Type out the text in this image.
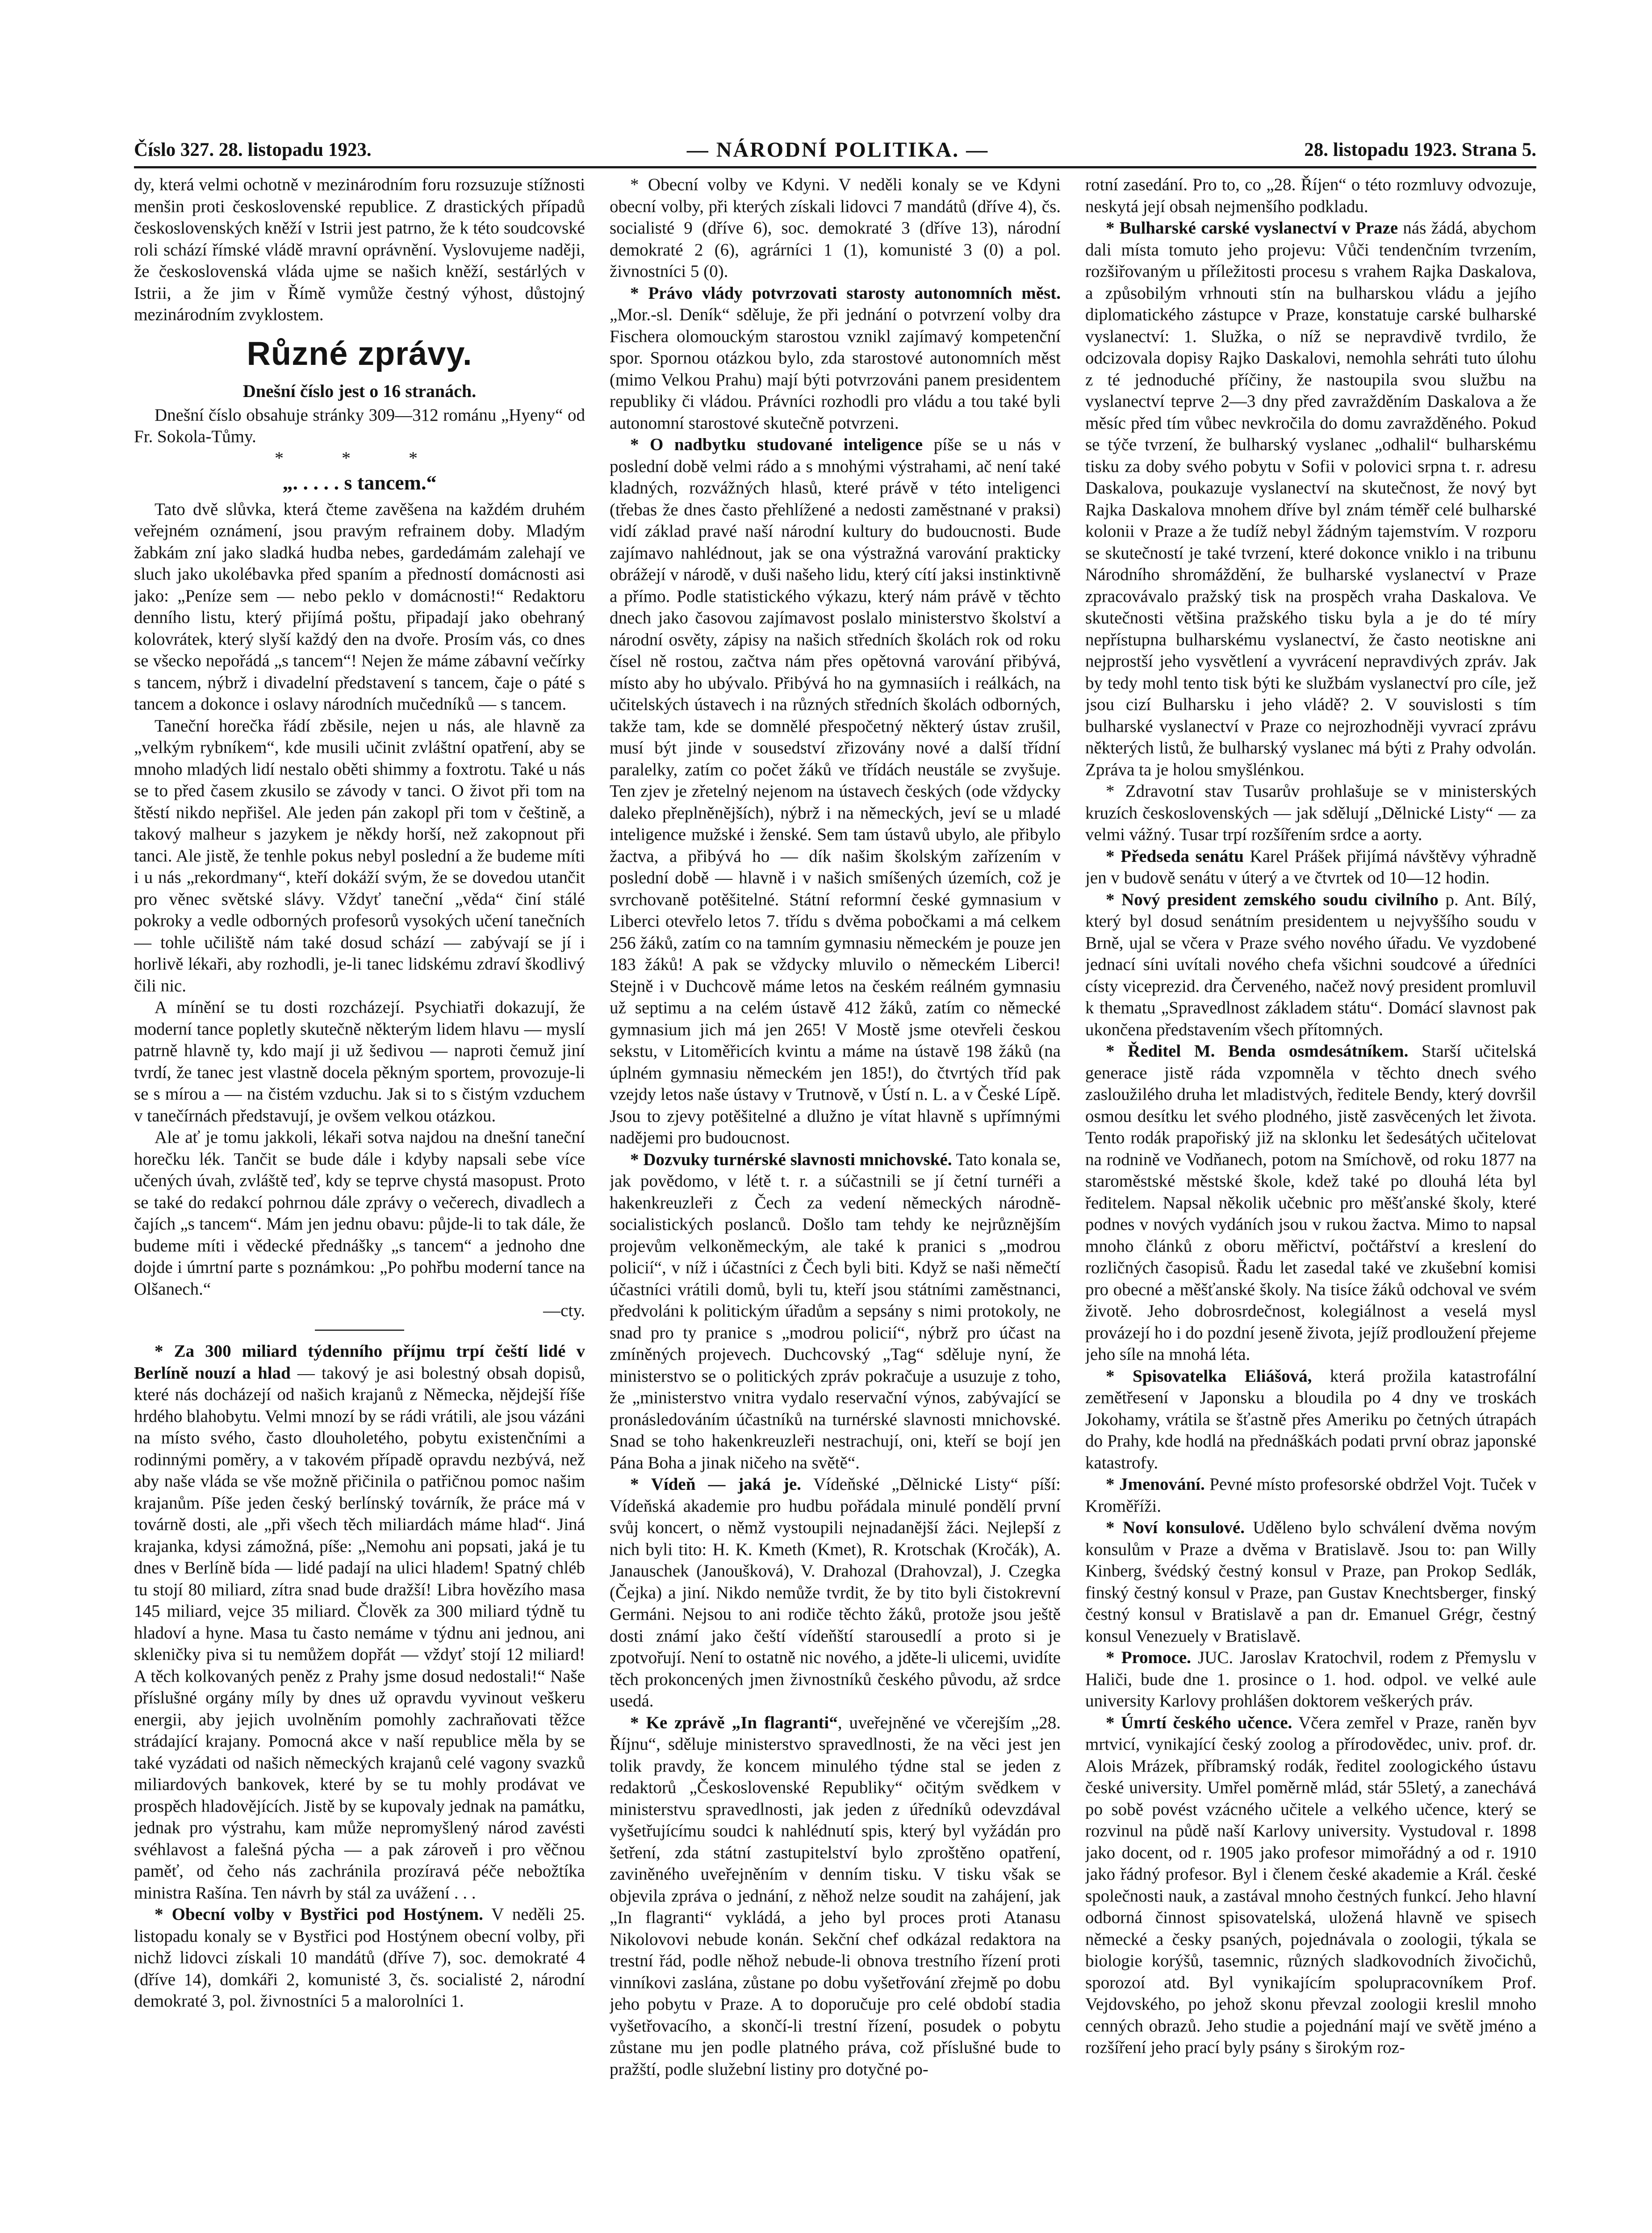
Číslo 327. 28. listopadu 1923.	— NÁRODNÍ POLITIKA. —	28. listopadu 1923. Strana 5.

dy, která velmi ochotně v mezinárodním foru rozsuzuje stížnosti menšin proti československé republice. Z drastických případů československých kněží v Istrii jest patrno, že k této soudcovské roli schází římské vládě mravní oprávnění. Vyslovujeme naději, že československá vláda ujme se našich kněží, sestárlých v Istrii, a že jim v Římě vymůže čestný výhost, důstojný mezinárodním zvyklostem.

Různé zprávy.
Dnešní číslo jest o 16 stranách.

Dnešní číslo obsahuje stránky 309—312 románu „Hyeny“ od Fr. Sokola-Tůmy.

* * *
„. . . . . s tancem.“

Tato dvě slůvka, která čteme zavěšena na každém druhém veřejném oznámení, jsou pravým refrainem doby. Mladým žabkám zní jako sladká hudba nebes, gardedámám zalehají ve sluch jako ukolébavka před spaním a předností domácnosti asi jako: „Peníze sem — nebo peklo v domácnosti!“ Redaktoru denního listu, který přijímá poštu, připadají jako obehraný kolovrátek, který slyší každý den na dvoře. Prosím vás, co dnes se všecko nepořádá „s tancem“! Nejen že máme zábavní večírky s tancem, nýbrž i divadelní představení s tancem, čaje o páté s tancem a dokonce i oslavy národních mučedníků — s tancem.

Taneční horečka řádí zběsile, nejen u nás, ale hlavně za „velkým rybníkem“, kde musili učinit zvláštní opatření, aby se mnoho mladých lidí nestalo oběti shimmy a foxtrotu. Také u nás se to před časem zkusilo se závody v tanci. O život při tom na štěstí nikdo nepřišel. Ale jeden pán zakopl při tom v češtině, a takový malheur s jazykem je někdy horší, než zakopnout při tanci. Ale jistě, že tenhle pokus nebyl poslední a že budeme míti i u nás „rekordmany“, kteří dokáží svým, že se dovedou utančit pro věnec světské slávy. Vždyť taneční „věda“ činí stálé pokroky a vedle odborných profesorů vysokých učení tanečních — tohle učiliště nám také dosud schází — zabývají se jí i horlivě lékaři, aby rozhodli, je-li tanec lidskému zdraví škodlivý čili nic.

A mínění se tu dosti rozcházejí. Psychiatři dokazují, že moderní tance popletly skutečně některým lidem hlavu — myslí patrně hlavně ty, kdo mají ji už šedivou — naproti čemuž jiní tvrdí, že tanec jest vlastně docela pěkným sportem, provozuje-li se s mírou a — na čistém vzduchu. Jak si to s čistým vzduchem v tanečírnách představují, je ovšem velkou otázkou.

Ale ať je tomu jakkoli, lékaři sotva najdou na dnešní taneční horečku lék. Tančit se bude dále i kdyby napsali sebe více učených úvah, zvláště teď, kdy se teprve chystá masopust. Proto se také do redakcí pohrnou dále zprávy o večerech, divadlech a čajích „s tancem“. Mám jen jednu obavu: půjde-li to tak dále, že budeme míti i vědecké přednášky „s tancem“ a jednoho dne dojde i úmrtní parte s poznámkou: „Po pohřbu moderní tance na Olšanech.“

—cty.

* Za 300 miliard týdenního příjmu trpí čeští lidé v Berlíně nouzí a hlad — takový je asi bolestný obsah dopisů, které nás docházejí od našich krajanů z Německa, nějdejší říše hrdého blahobytu. Velmi mnozí by se rádi vrátili, ale jsou vázáni na místo svého, často dlouholetého, pobytu existenčními a rodinnými poměry, a v takovém případě opravdu nezbývá, než aby naše vláda se vše možně přičinila o patřičnou pomoc našim krajanům. Píše jeden český berlínský továrník, že práce má v továrně dosti, ale „při všech těch miliardách máme hlad“. Jiná krajanka, kdysi zámožná, píše: „Nemohu ani popsati, jaká je tu dnes v Berlíně bída — lidé padají na ulici hladem! Spatný chléb tu stojí 80 miliard, zítra snad bude dražší! Libra hovězího masa 145 miliard, vejce 35 miliard. Člověk za 300 miliard týdně tu hladoví a hyne. Masa tu často nemáme v týdnu ani jednou, ani skleničky piva si tu nemůžem dopřát — vždyť stojí 12 miliard! A těch kolkovaných peněz z Prahy jsme dosud nedostali!“ Naše příslušné orgány míly by dnes už opravdu vyvinout veškeru energii, aby jejich uvolněním pomohly zachraňovati těžce strádající krajany. Pomocná akce v naší republice měla by se také vyzádati od našich německých krajanů celé vagony svazků miliardových bankovek, které by se tu mohly prodávat ve prospěch hladovějících. Jistě by se kupovaly jednak na památku, jednak pro výstrahu, kam může nepromyšlený národ zavésti svéhlavost a falešná pýcha — a pak zároveň i pro věčnou paměť, od čeho nás zachránila prozíravá péče nebožtíka ministra Rašína. Ten návrh by stál za uvážení . . .

* Obecní volby v Bystřici pod Hostýnem. V neděli 25. listopadu konaly se v Bystřici pod Hostýnem obecní volby, při nichž lidovci získali 10 mandátů (dříve 7), soc. demokraté 4 (dříve 14), domkáři 2, komunisté 3, čs. socialisté 2, národní demokraté 3, pol. živnostníci 5 a malorolníci 1.

* Obecní volby ve Kdyni. V neděli konaly se ve Kdyni obecní volby, při kterých získali lidovci 7 mandátů (dříve 4), čs. socialisté 9 (dříve 6), soc. demokraté 3 (dříve 13), národní demokraté 2 (6), agrárníci 1 (1), komunisté 3 (0) a pol. živnostníci 5 (0).

* Právo vlády potvrzovati starosty autonomních měst. „Mor.-sl. Deník“ sděluje, že při jednání o potvrzení volby dra Fischera olomouckým starostou vznikl zajímavý kompetenční spor. Spornou otázkou bylo, zda starostové autonomních měst (mimo Velkou Prahu) mají býti potvrzováni panem presidentem republiky či vládou. Právníci rozhodli pro vládu a tou také byli autonomní starostové skutečně potvrzeni.

* O nadbytku studované inteligence píše se u nás v poslední době velmi rádo a s mnohými výstrahami, ač není také kladných, rozvážných hlasů, které právě v této inteligenci (třebas že dnes často přehlížené a nedosti zaměstnané v praksi) vidí základ pravé naší národní kultury do budoucnosti. Bude zajímavo nahlédnout, jak se ona výstražná varování prakticky obrážejí v národě, v duši našeho lidu, který cítí jaksi instinktivně a přímo. Podle statistického výkazu, který nám právě v těchto dnech jako časovou zajímavost poslalo ministerstvo školství a národní osvěty, zápisy na našich středních školách rok od roku čísel ně rostou, začtva nám přes opětovná varování přibývá, místo aby ho ubývalo. Přibývá ho na gymnasiích i reálkách, na učitelských ústavech i na různých středních školách odborných, takže tam, kde se domnělé přespočetný některý ústav zrušil, musí být jinde v sousedství zřizovány nové a další třídní paralelky, zatím co počet žáků ve třídách neustále se zvyšuje. Ten zjev je zřetelný nejenom na ústavech českých (ode vždycky daleko přeplněnějších), nýbrž i na německých, jeví se u mladé inteligence mužské i ženské. Sem tam ústavů ubylo, ale přibylo žactva, a přibývá ho — dík našim školským zařízením v poslední době — hlavně i v našich smíšených územích, což je svrchovaně potěšitelné. Státní reformní české gymnasium v Liberci otevřelo letos 7. třídu s dvěma pobočkami a má celkem 256 žáků, zatím co na tamním gymnasiu německém je pouze jen 183 žáků! A pak se vždycky mluvilo o německém Liberci! Stejně i v Duchcově máme letos na českém reálném gymnasiu už septimu a na celém ústavě 412 žáků, zatím co německé gymnasium jich má jen 265! V Mostě jsme otevřeli českou sekstu, v Litoměřicích kvintu a máme na ústavě 198 žáků (na úplném gymnasiu německém jen 185!), do čtvrtých tříd pak vzejdy letos naše ústavy v Trutnově, v Ústí n. L. a v České Lípě. Jsou to zjevy potěšitelné a dlužno je vítat hlavně s upřímnými nadějemi pro budoucnost.

* Dozvuky turnérské slavnosti mnichovské. Tato konala se, jak povědomo, v létě t. r. a súčastnili se jí četní turnéři a hakenkreuzleři z Čech za vedení německých národně-socialistických poslanců. Došlo tam tehdy ke nejrůznějším projevům velkoněmeckým, ale také k pranici s „modrou policií“, v níž i účastníci z Čech byli biti. Když se naši němečtí účastníci vrátili domů, byli tu, kteří jsou státními zaměstnanci, předvoláni k politickým úřadům a sepsány s nimi protokoly, ne snad pro ty pranice s „modrou policií“, nýbrž pro účast na zmíněných projevech. Duchcovský „Tag“ sděluje nyní, že ministerstvo se o politických zpráv pokračuje a usuzuje z toho, že „ministerstvo vnitra vydalo reservační výnos, zabývající se pronásledováním účastníků na turnérské slavnosti mnichovské. Snad se toho hakenkreuzleři nestrachují, oni, kteří se bojí jen Pána Boha a jinak ničeho na světě“.

* Vídeň — jaká je. Vídeňské „Dělnické Listy“ píší: Vídeňská akademie pro hudbu pořádala minulé pondělí první svůj koncert, o němž vystoupili nejnadanější žáci. Nejlepší z nich byli tito: H. K. Kmeth (Kmet), R. Krotschak (Kročák), A. Janauschek (Janoušková), V. Drahozal (Drahovzal), J. Czegka (Čejka) a jiní. Nikdo nemůže tvrdit, že by tito byli čistokrevní Germáni. Nejsou to ani rodiče těchto žáků, protože jsou ještě dosti známí jako čeští vídeňští starousedlí a proto si je zpotvořují. Není to ostatně nic nového, a jděte-li ulicemi, uvidíte těch prokoncených jmen živnostníků českého původu, až srdce usedá.

* Ke zprávě „In flagranti“, uveřejněné ve včerejším „28. Říjnu“, sděluje ministerstvo spravedlnosti, že na věci jest jen tolik pravdy, že koncem minulého týdne stal se jeden z redaktorů „Československé Republiky“ očitým svědkem v ministerstvu spravedlnosti, jak jeden z úředníků odevzdával vyšetřujícímu soudci k nahlédnutí spis, který byl vyžádán pro šetření, zda státní zastupitelství bylo zproštěno opatření, zaviněného uveřejněním v denním tisku. V tisku však se objevila zpráva o jednání, z něhož nelze soudit na zahájení, jak „In flagranti“ vykládá, a jeho byl proces proti Atanasu Nikolovovi nebude konán. Sekční chef odkázal redaktora na trestní řád, podle něhož nebude-li obnova trestního řízení proti vinníkovi zaslána, zůstane po dobu vyšetřování zřejmě po dobu jeho pobytu v Praze. A to doporučuje pro celé období stadia vyšetřovacího, a skončí-li trestní řízení, posudek o pobytu zůstane mu jen podle platného práva, což příslušné bude to pražští, podle služební listiny pro dotyčné po-

rotní zasedání. Pro to, co „28. Říjen“ o této rozmluvy odvozuje, neskytá její obsah nejmenšího podkladu.

* Bulharské carské vyslanectví v Praze nás žádá, abychom dali místa tomuto jeho projevu: Vůči tendenčním tvrzením, rozšiřovaným u příležitosti procesu s vrahem Rajka Daskalova, a způsobilým vrhnouti stín na bulharskou vládu a jejího diplomatického zástupce v Praze, konstatuje carské bulharské vyslanectví: 1. Služka, o níž se nepravdivě tvrdilo, že odcizovala dopisy Rajko Daskalovi, nemohla sehráti tuto úlohu z té jednoduché příčiny, že nastoupila svou službu na vyslanectví teprve 2—3 dny před zavražděním Daskalova a že měsíc před tím vůbec nevkročila do domu zavražděného. Pokud se týče tvrzení, že bulharský vyslanec „odhalil“ bulharskému tisku za doby svého pobytu v Sofii v polovici srpna t. r. adresu Daskalova, poukazuje vyslanectví na skutečnost, že nový byt Rajka Daskalova mnohem dříve byl znám téměř celé bulharské kolonii v Praze a že tudíž nebyl žádným tajemstvím. V rozporu se skutečností je také tvrzení, které dokonce vniklo i na tribunu Národního shromáždění, že bulharské vyslanectví v Praze zpracovávalo pražský tisk na prospěch vraha Daskalova. Ve skutečnosti většina pražského tisku byla a je do té míry nepřístupna bulharskému vyslanectví, že často neotiskne ani nejprostší jeho vysvětlení a vyvrácení nepravdivých zpráv. Jak by tedy mohl tento tisk býti ke službám vyslanectví pro cíle, jež jsou cizí Bulharsku i jeho vládě? 2. V souvislosti s tím bulharské vyslanectví v Praze co nejrozhodněji vyvrací zprávu některých listů, že bulharský vyslanec má býti z Prahy odvolán. Zpráva ta je holou smyšlénkou.

* Zdravotní stav Tusarův prohlašuje se v ministerských kruzích československých — jak sdělují „Dělnické Listy“ — za velmi vážný. Tusar trpí rozšířením srdce a aorty.

* Předseda senátu Karel Prášek přijímá návštěvy výhradně jen v budově senátu v úterý a ve čtvrtek od 10—12 hodin.

* Nový president zemského soudu civilního p. Ant. Bílý, který byl dosud senátním presidentem u nejvyššího soudu v Brně, ujal se včera v Praze svého nového úřadu. Ve vyzdobené jednací síni uvítali nového chefa všichni soudcové a úředníci císty viceprezid. dra Červeného, načež nový president promluvil k thematu „Spravedlnost základem státu“. Domácí slavnost pak ukončena představením všech přítomných.

* Ředitel M. Benda osmdesátníkem. Starší učitelská generace jistě ráda vzpomněla v těchto dnech svého zasloužilého druha let mladistvých, ředitele Bendy, který dovršil osmou desítku let svého plodného, jistě zasvěcených let života. Tento rodák prapořiský již na sklonku let šedesátých učitelovat na rodnině ve Vodňanech, potom na Smíchově, od roku 1877 na staroměstské městské škole, kdež také po dlouhá léta byl ředitelem. Napsal několik učebnic pro měšťanské školy, které podnes v nových vydáních jsou v rukou žactva. Mimo to napsal mnoho článků z oboru měřictví, počtářství a kreslení do rozličných časopisů. Řadu let zasedal také ve zkušební komisi pro obecné a měšťanské školy. Na tisíce žáků odchoval ve svém životě. Jeho dobrosrdečnost, kolegiálnost a veselá mysl provázejí ho i do pozdní jeseně života, jejíž prodloužení přejeme jeho síle na mnohá léta.

* Spisovatelka Eliášová, která prožila katastrofální zemětřesení v Japonsku a bloudila po 4 dny ve troskách Jokohamy, vrátila se šťastně přes Ameriku po četných útrapách do Prahy, kde hodlá na přednáškách podati první obraz japonské katastrofy.

* Jmenování. Pevné místo profesorské obdržel Vojt. Tuček v Kroměříži.

* Noví konsulové. Uděleno bylo schválení dvěma novým konsulům v Praze a dvěma v Bratislavě. Jsou to: pan Willy Kinberg, švédský čestný konsul v Praze, pan Prokop Sedlák, finský čestný konsul v Praze, pan Gustav Knechtsberger, finský čestný konsul v Bratislavě a pan dr. Emanuel Grégr, čestný konsul Venezuely v Bratislavě.

* Promoce. JUC. Jaroslav Kratochvil, rodem z Přemyslu v Haliči, bude dne 1. prosince o 1. hod. odpol. ve velké aule university Karlovy prohlášen doktorem veškerých práv.

* Úmrtí českého učence. Včera zemřel v Praze, raněn byv mrtvicí, vynikající český zoolog a přírodovědec, univ. prof. dr. Alois Mrázek, příbramský rodák, ředitel zoologického ústavu české university. Umřel poměrně mlád, stár 55letý, a zanechává po sobě povést vzácného učitele a velkého učence, který se rozvinul na půdě naší Karlovy university. Vystudoval r. 1898 jako docent, od r. 1905 jako profesor mimořádný a od r. 1910 jako řádný profesor. Byl i členem české akademie a Král. české společnosti nauk, a zastával mnoho čestných funkcí. Jeho hlavní odborná činnost spisovatelská, uložená hlavně ve spisech německé a česky psaných, pojednávala o zoologii, týkala se biologie korýšů, tasemnic, různých sladkovodních živočichů, sporozoí atd. Byl vynikajícím spolupracovníkem Prof. Vejdovského, po jehož skonu převzal zoologii kreslil mnoho cenných obrazů. Jeho studie a pojednání mají ve světě jméno a rozšíření jeho prací byly psány s širokým roz-
